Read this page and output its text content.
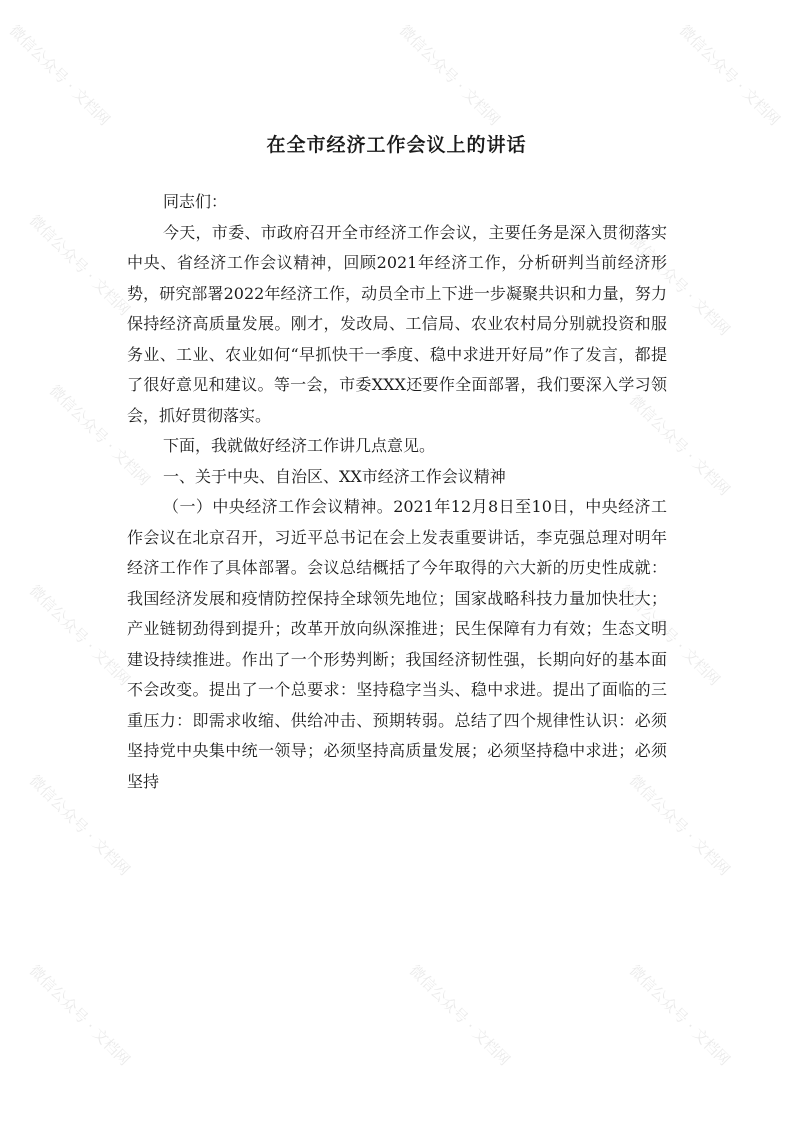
微信公众号 · 文档网	微信公众号 · 文档网	微信公众号 · 文档网
微信公众号 · 文档网	微信公众号 · 文档网
微信公众号 · 文档网	微信公众号 · 文档网
微信公众号 · 文档网	微信公众号 · 文档网
微信公众号 · 文档网	微信公众号 · 文档网
微信公众号 · 文档网	微信公众号 · 文档网	微信公众号 · 文档网
在全市经济工作会议上的讲话

同志们：

今天，市委、市政府召开全市经济工作会议，主要任务是深入贯彻落实中央、省经济工作会议精神，回顾2021年经济工作，分析研判当前经济形势，研究部署2022年经济工作，动员全市上下进一步凝聚共识和力量，努力保持经济高质量发展。刚才，发改局、工信局、农业农村局分别就投资和服务业、工业、农业如何“早抓快干一季度、稳中求进开好局”作了发言，都提了很好意见和建议。等一会，市委XXX还要作全面部署，我们要深入学习领会，抓好贯彻落实。

下面，我就做好经济工作讲几点意见。

一、关于中央、自治区、XX市经济工作会议精神

（一）中央经济工作会议精神。2021年12月8日至10日，中央经济工作会议在北京召开，习近平总书记在会上发表重要讲话，李克强总理对明年经济工作作了具体部署。会议总结概括了今年取得的六大新的历史性成就：我国经济发展和疫情防控保持全球领先地位；国家战略科技力量加快壮大；产业链韧劲得到提升；改革开放向纵深推进；民生保障有力有效；生态文明建设持续推进。作出了一个形势判断；我国经济韧性强，长期向好的基本面不会改变。提出了一个总要求：坚持稳字当头、稳中求进。提出了面临的三重压力：即需求收缩、供给冲击、预期转弱。总结了四个规律性认识：必须坚持党中央集中统一领导；必须坚持高质量发展；必须坚持稳中求进；必须坚持
